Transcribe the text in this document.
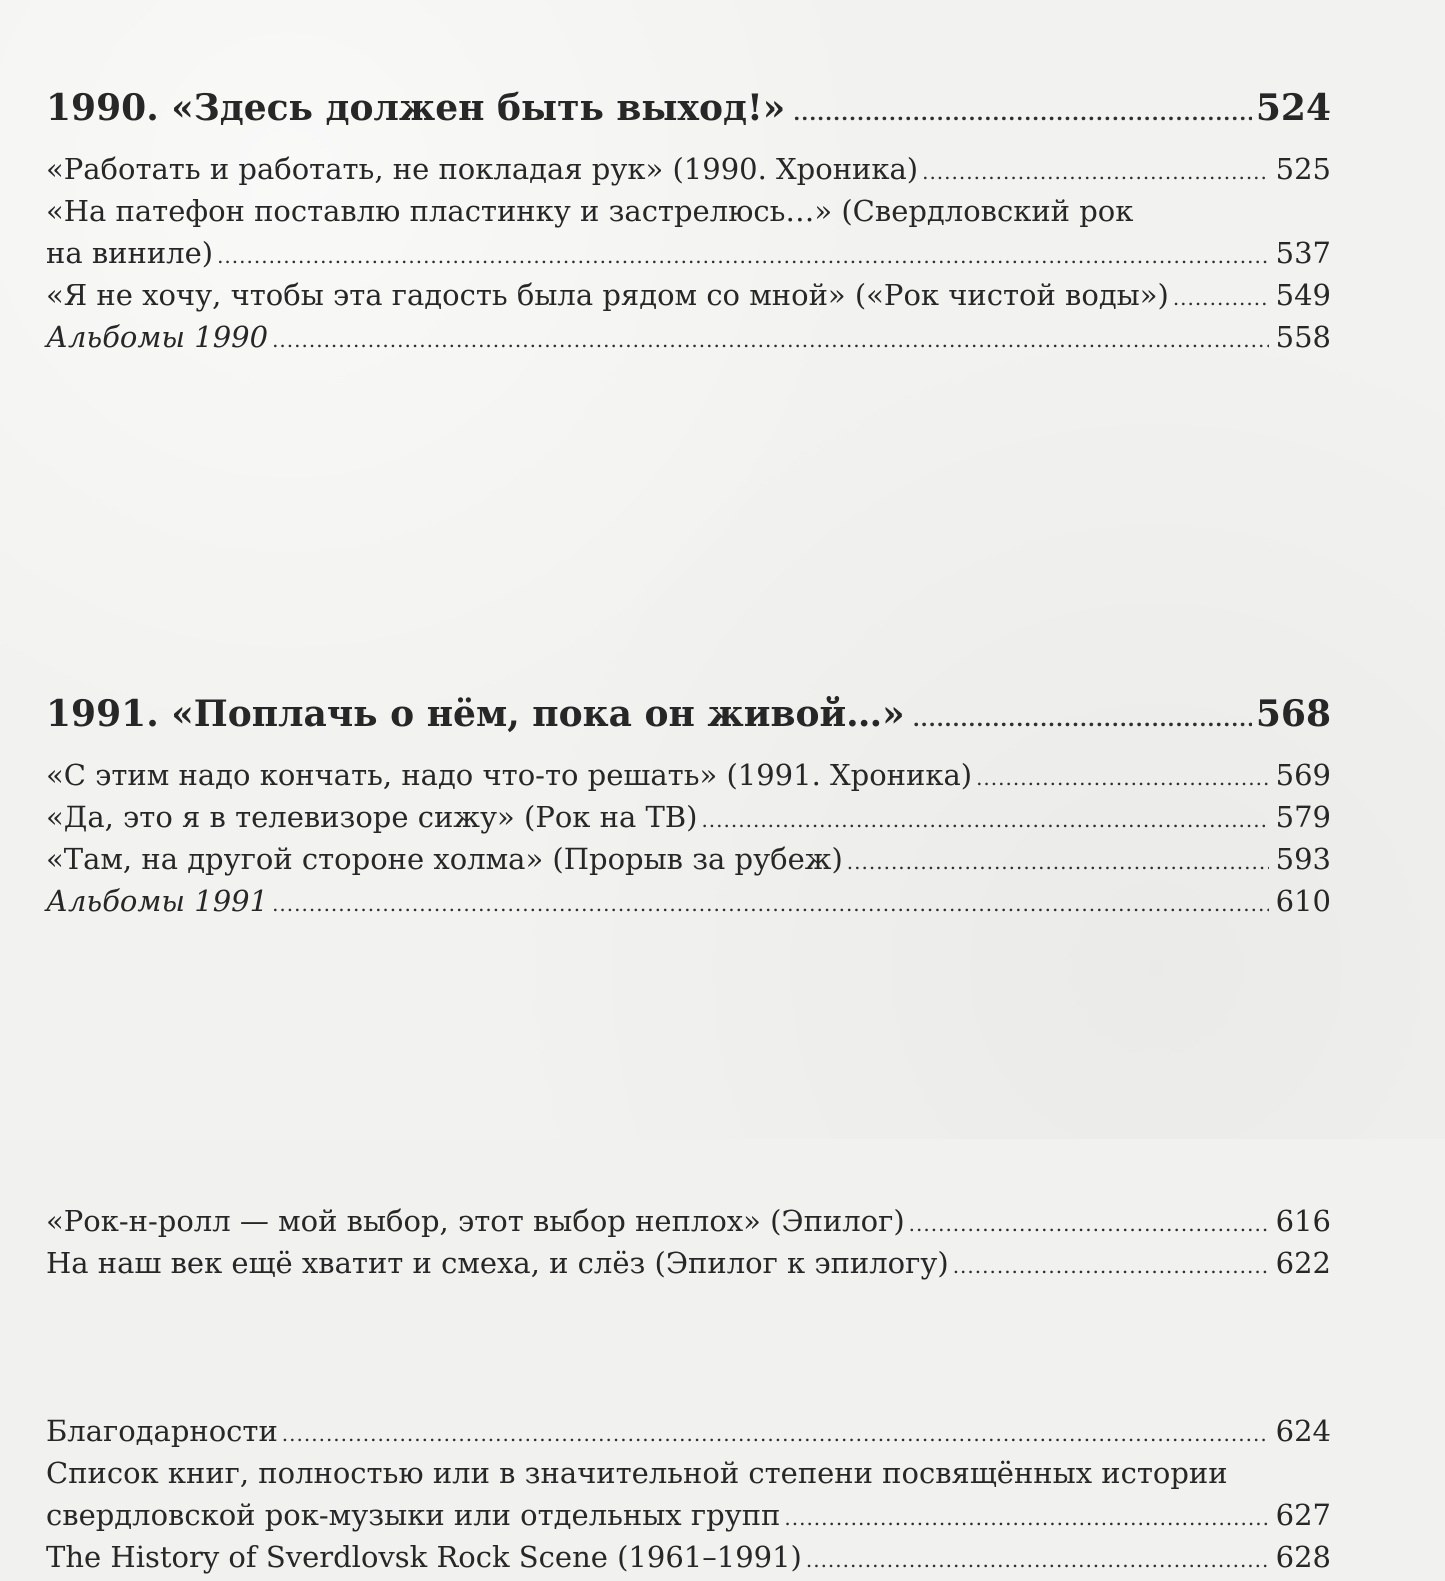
1990. «Здесь должен быть выход!» .....	524
«Работать и работать, не покладая рук» (1990. Хроника) .....	525
«На патефон поставлю пластинку и застрелюсь…» (Свердловский рок
на виниле) .....	537
«Я не хочу, чтобы эта гадость была рядом со мной» («Рок чистой воды») .....	549
Альбомы 1990 .....	558
1991. «Поплачь о нём, пока он живой…» .....	568
«С этим надо кончать, надо что-то решать» (1991. Хроника) .....	569
«Да, это я в телевизоре сижу» (Рок на ТВ) .....	579
«Там, на другой стороне холма» (Прорыв за рубеж) .....	593
Альбомы 1991 .....	610
«Рок-н-ролл — мой выбор, этот выбор неплох» (Эпилог) .....	616
На наш век ещё хватит и смеха, и слёз (Эпилог к эпилогу) .....	622
Благодарности .....	624
Список книг, полностью или в значительной степени посвящённых истории
свердловской рок-музыки или отдельных групп .....	627
The History of Sverdlovsk Rock Scene (1961–1991) .....	628
